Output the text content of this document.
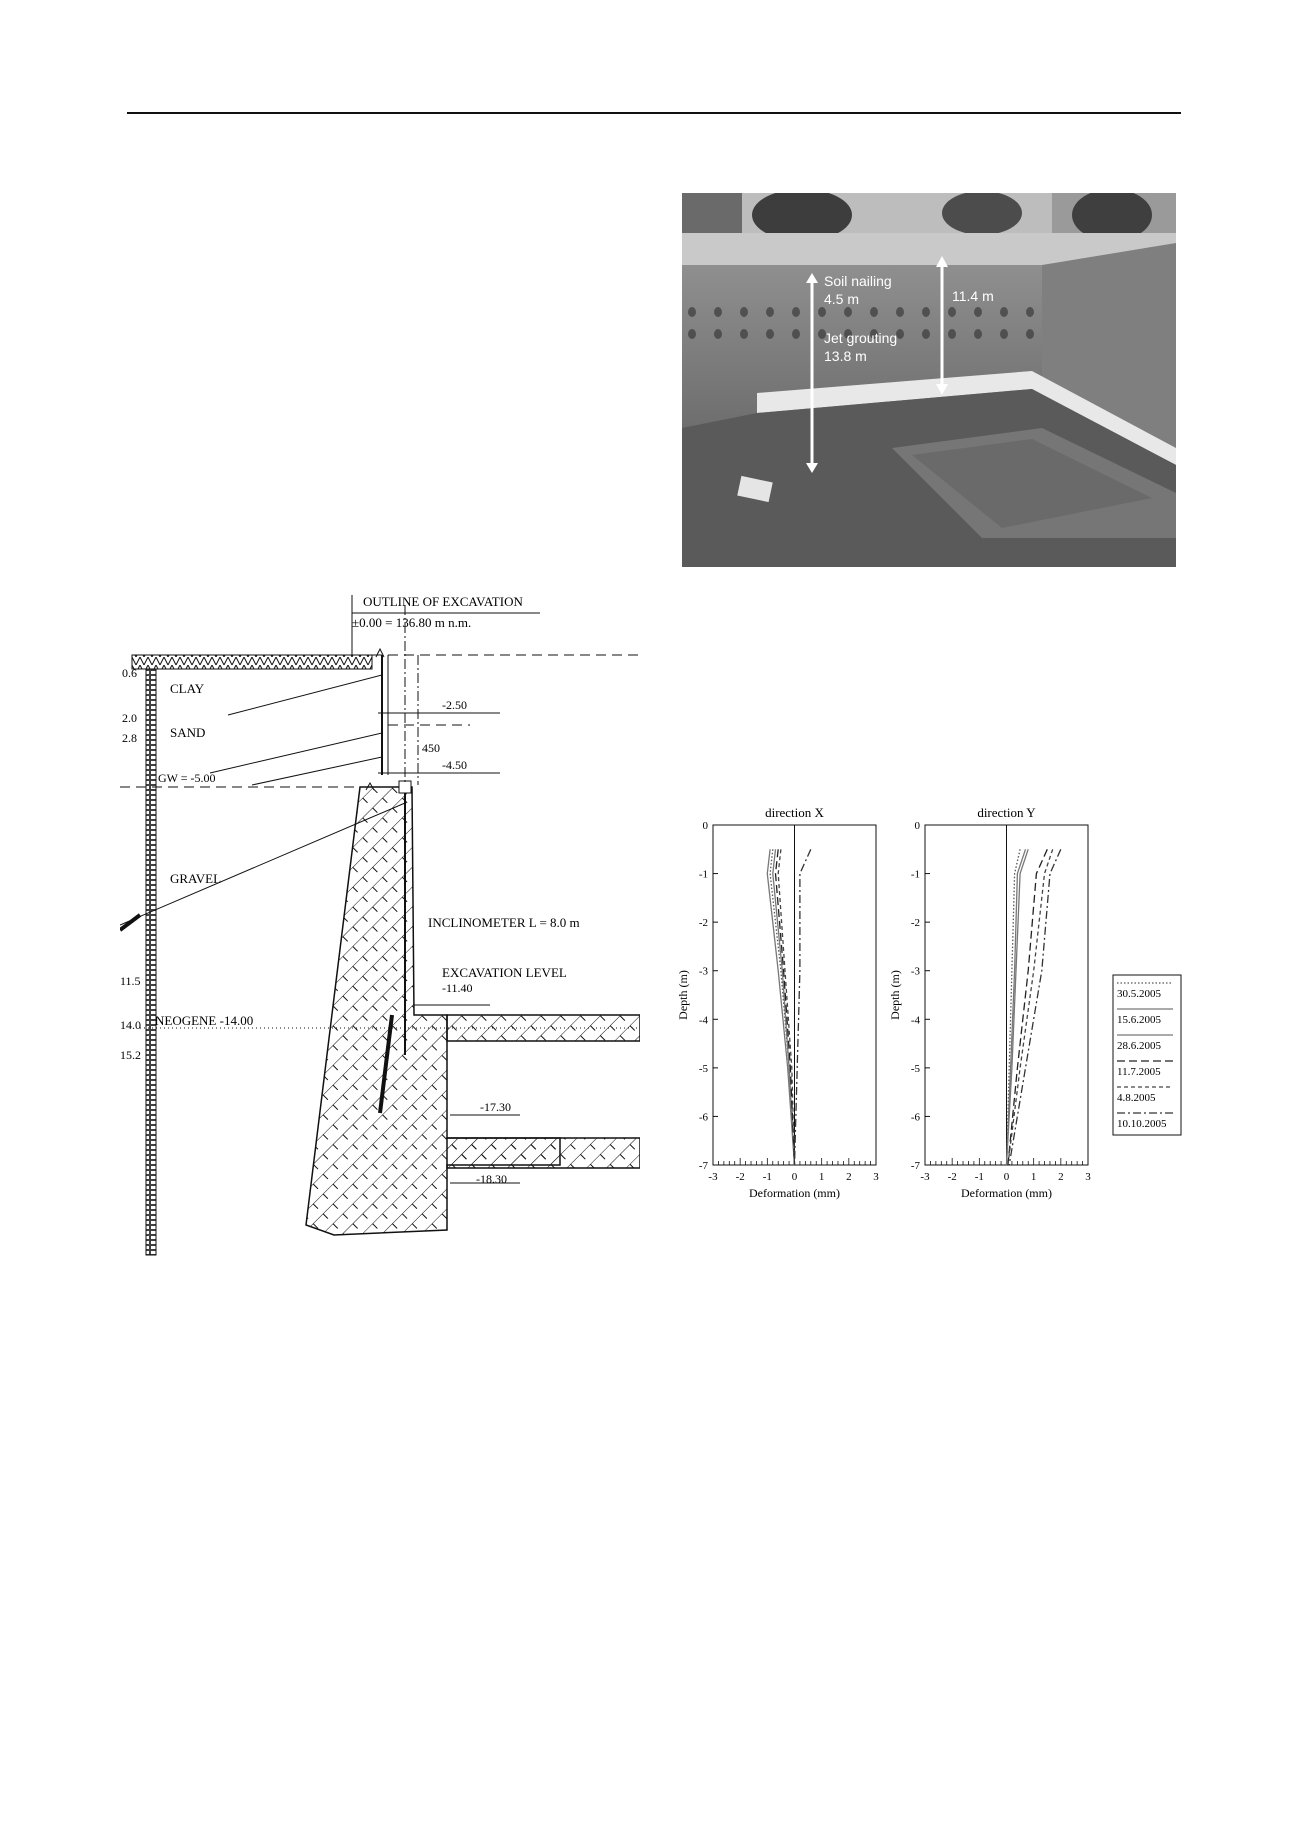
Soil nailing
4.5 m
Jet grouting
13.8 m
11.4 m
OUTLINE OF EXCAVATION
±0.00 = 136.80 m n.m.
CLAY
SAND
GRAVEL
NEOGENE -14.00
0.6
2.0
2.8
11.5
14.0
15.2
-2.50
450
-4.50
GW = -5.00
INCLINOMETER L = 8.0 m
EXCAVATION LEVEL
-11.40
-17.30
-18.30
direction X
-3 -2 -1 0 1 2 3
0
-1
-2
-3
-4
-5
-6
-7
Deformation (mm)
Depth (m)
direction Y
-3 -2 -1 0 1 2 3
0
-1
-2
-3
-4
-5
-6
-7
Deformation (mm)
Depth (m)	30.5.2005
15.6.2005
28.6.2005
11.7.2005
4.8.2005
10.10.2005
